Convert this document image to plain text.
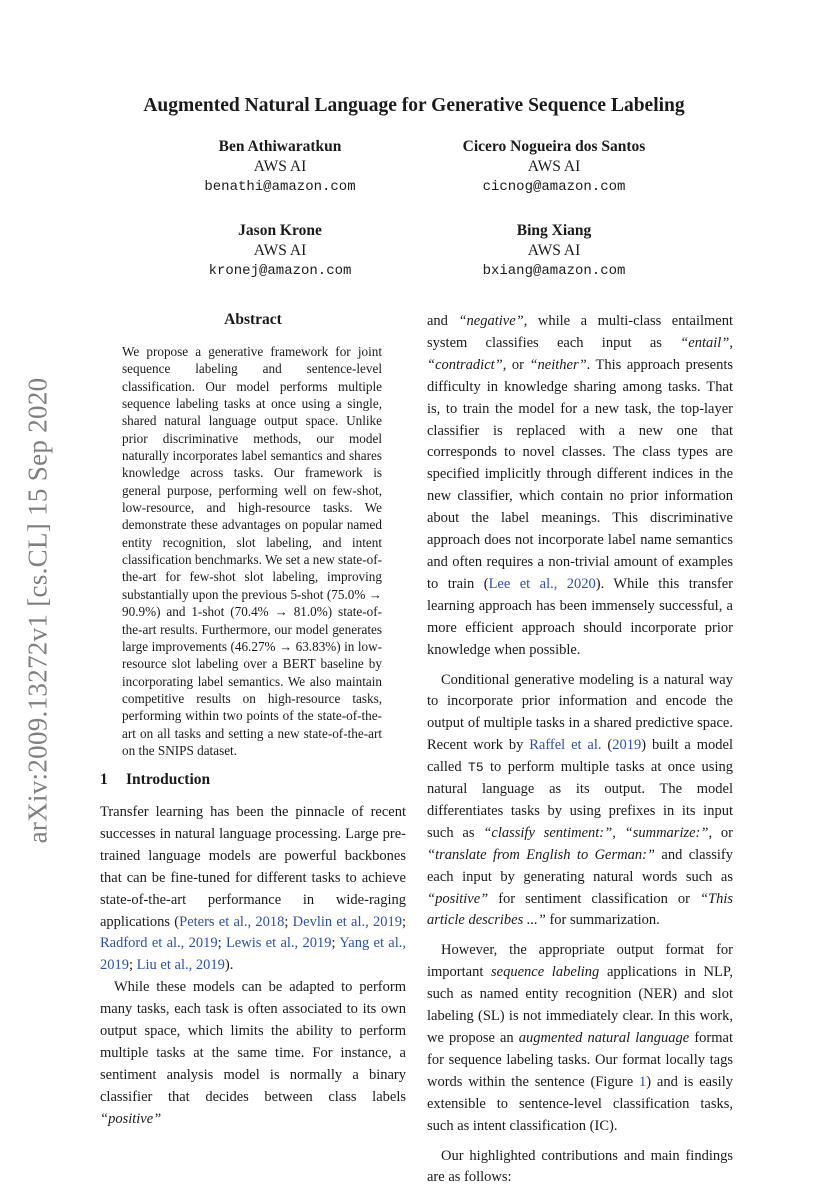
arXiv:2009.13272v1 [cs.CL] 15 Sep 2020
Augmented Natural Language for Generative Sequence Labeling
Ben Athiwaratkun
AWS AI
benathi@amazon.com
Cicero Nogueira dos Santos
AWS AI
cicnog@amazon.com
Jason Krone
AWS AI
kronej@amazon.com
Bing Xiang
AWS AI
bxiang@amazon.com
Abstract

We propose a generative framework for joint sequence labeling and sentence-level classification. Our model performs multiple sequence labeling tasks at once using a single, shared natural language output space. Unlike prior discriminative methods, our model naturally incorporates label semantics and shares knowledge across tasks. Our framework is general purpose, performing well on few-shot, low-resource, and high-resource tasks. We demonstrate these advantages on popular named entity recognition, slot labeling, and intent classification benchmarks. We set a new state-of-the-art for few-shot slot labeling, improving substantially upon the previous 5-shot (75.0% → 90.9%) and 1-shot (70.4% → 81.0%) state-of-the-art results. Furthermore, our model generates large improvements (46.27% → 63.83%) in low-resource slot labeling over a BERT baseline by incorporating label semantics. We also maintain competitive results on high-resource tasks, performing within two points of the state-of-the-art on all tasks and setting a new state-of-the-art on the SNIPS dataset.

1 Introduction

Transfer learning has been the pinnacle of recent successes in natural language processing. Large pre-trained language models are powerful backbones that can be fine-tuned for different tasks to achieve state-of-the-art performance in wide-raging applications (Peters et al., 2018; Devlin et al., 2019; Radford et al., 2019; Lewis et al., 2019; Yang et al., 2019; Liu et al., 2019).

While these models can be adapted to perform many tasks, each task is often associated to its own output space, which limits the ability to perform multiple tasks at the same time. For instance, a sentiment analysis model is normally a binary classifier that decides between class labels “positive”

and “negative”, while a multi-class entailment system classifies each input as “entail”, “contradict”, or “neither”. This approach presents difficulty in knowledge sharing among tasks. That is, to train the model for a new task, the top-layer classifier is replaced with a new one that corresponds to novel classes. The class types are specified implicitly through different indices in the new classifier, which contain no prior information about the label meanings. This discriminative approach does not incorporate label name semantics and often requires a non-trivial amount of examples to train (Lee et al., 2020). While this transfer learning approach has been immensely successful, a more efficient approach should incorporate prior knowledge when possible.

Conditional generative modeling is a natural way to incorporate prior information and encode the output of multiple tasks in a shared predictive space. Recent work by Raffel et al. (2019) built a model called T5 to perform multiple tasks at once using natural language as its output. The model differentiates tasks by using prefixes in its input such as “classify sentiment:”, “summarize:”, or “translate from English to German:” and classify each input by generating natural words such as “positive” for sentiment classification or “This article describes ...” for summarization.

However, the appropriate output format for important sequence labeling applications in NLP, such as named entity recognition (NER) and slot labeling (SL) is not immediately clear. In this work, we propose an augmented natural language format for sequence labeling tasks. Our format locally tags words within the sentence (Figure 1) and is easily extensible to sentence-level classification tasks, such as intent classification (IC).

Our highlighted contributions and main findings are as follows:
